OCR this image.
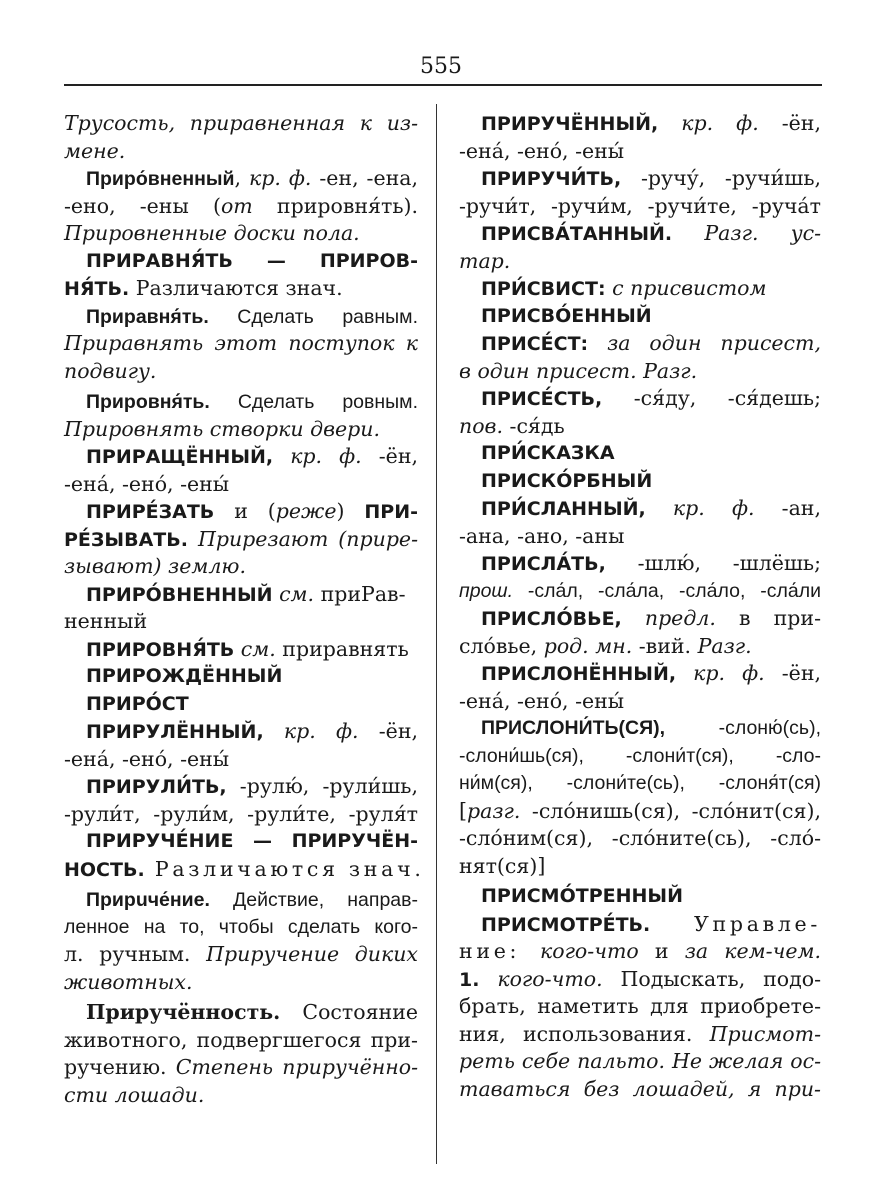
555
Трусость, приравненная к из-
мене.
Приро́вненный, кр. ф. -ен, -ена,
-ено, -ены (от прировня́ть).
Прировненные доски пола.
ПРИРАВНЯ́ТЬ — ПРИРОВ-
НЯ́ТЬ. Различаются знач.
Приравня́ть. Сделать равным.
Приравнять этот поступок к
подвигу.
Прировня́ть. Сделать ровным.
Прировнять створки двери.
ПРИРАЩЁННЫЙ, кр. ф. -ён,
-ена́, -ено́, -ены́
ПРИРЕ́ЗАТЬ и (реже) ПРИ-
РЕ́ЗЫВАТЬ. Прирезают (прире-
зывают) землю.
ПРИРО́ВНЕННЫЙ см. приРав-
ненный
ПРИРОВНЯ́ТЬ см. приравнять
ПРИРОЖДЁННЫЙ
ПРИРО́СТ
ПРИРУЛЁННЫЙ, кр. ф. -ён,
-ена́, -ено́, -ены́
ПРИРУЛИ́ТЬ, -рулю́, -рули́шь,
-рули́т, -рули́м, -рули́те, -руля́т
ПРИРУЧЕ́НИЕ — ПРИРУЧЁН-
НОСТЬ. Различаются знач.
Прирuче́ние. Действие, направ-
ленное на то, чтобы сделать кого-
л. ручным. Приручение диких
животных.
Приручённость. Состояние
животного, подвергшегося при-
ручению. Степень приручённо-
сти лошади.
ПРИРУЧЁННЫЙ, кр. ф. -ён,
-ена́, -ено́, -ены́
ПРИРУЧИ́ТЬ, -ручу́, -ручи́шь,
-ручи́т, -ручи́м, -ручи́те, -руча́т
ПРИСВА́ТАННЫЙ. Разг. ус-
тар.
ПРИ́СВИСТ: с присвистом
ПРИСВО́ЕННЫЙ
ПРИСЕ́СТ: за один присест,
в один присест. Разг.
ПРИСЕ́СТЬ, -ся́ду, -ся́дешь;
пов. -ся́дь
ПРИ́СКАЗКА
ПРИСКО́РБНЫЙ
ПРИ́СЛАННЫЙ, кр. ф. -ан,
-ана, -ано, -аны
ПРИСЛА́ТЬ, -шлю́, -шлёшь;
прош. -сла́л, -сла́ла, -сла́ло, -сла́ли
ПРИСЛО́ВЬЕ, предл. в при-
сло́вье, род. мн. -вий. Разг.
ПРИСЛОНЁННЫЙ, кр. ф. -ён,
-ена́, -ено́, -ены́
ПРИСЛОНИ́ТЬ(СЯ), -слоню́(сь),
-слони́шь(ся), -слони́т(ся), -сло-
ни́м(ся), -слони́те(сь), -слоня́т(ся)
[разг. -сло́нишь(ся), -сло́нит(ся),
-сло́ним(ся), -сло́ните(сь), -сло́-
нят(ся)]
ПРИСМО́ТРЕННЫЙ
ПРИСМОТРЕ́ТЬ. Управле-
ние: кого-что и за кем-чем.
1. кого-что. Подыскать, подо-
брать, наметить для приобрете-
ния, использования. Присмот-
реть себе пальто. Не желая ос-
таваться без лошадей, я при-
